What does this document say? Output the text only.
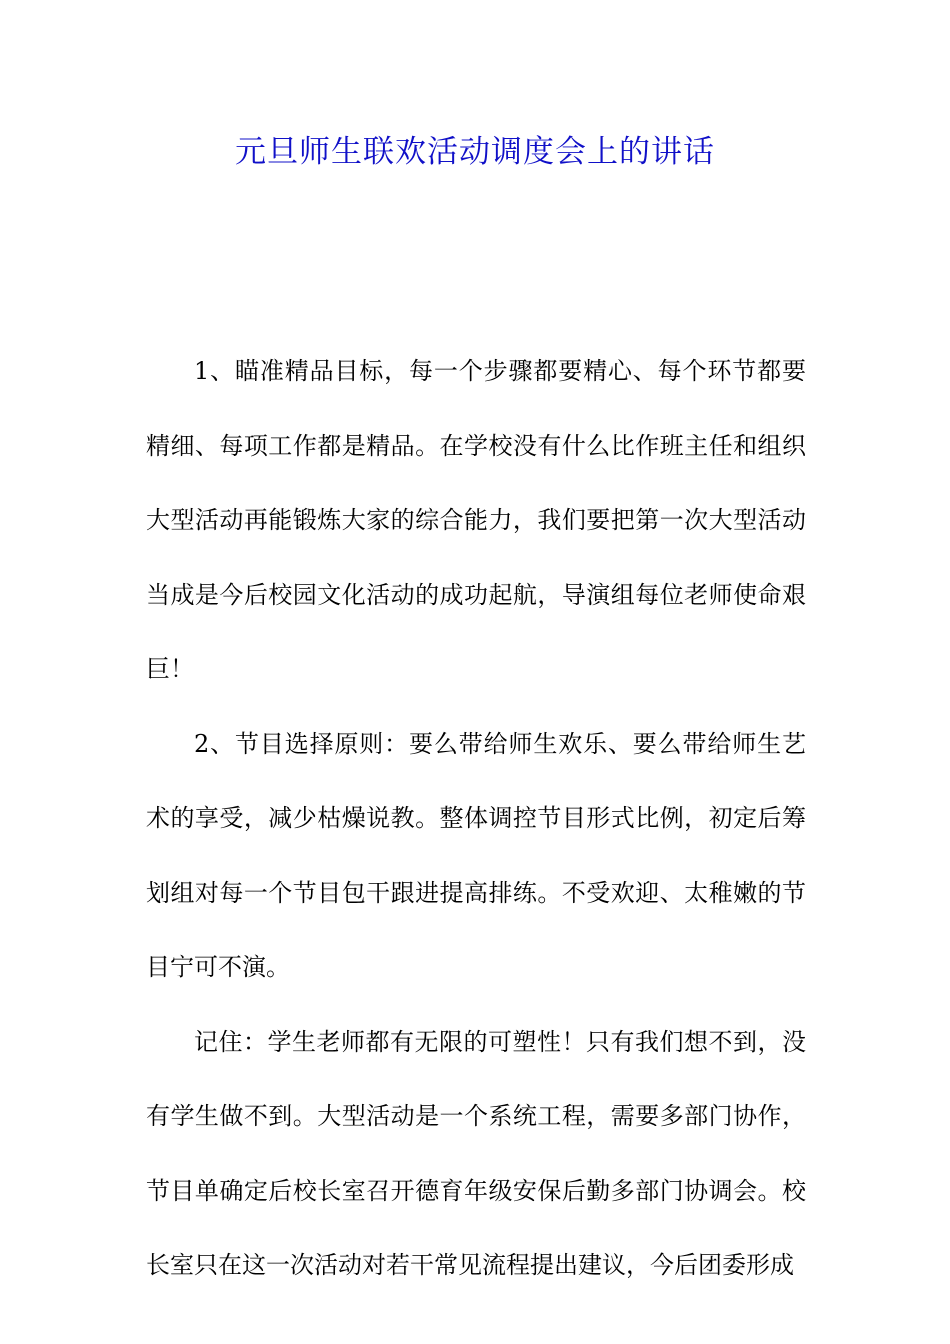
元旦师生联欢活动调度会上的讲话

1、瞄准精品目标，每一个步骤都要精心、每个环节都要精细、每项工作都是精品。在学校没有什么比作班主任和组织大型活动再能锻炼大家的综合能力，我们要把第一次大型活动当成是今后校园文化活动的成功起航，导演组每位老师使命艰巨！

2、节目选择原则：要么带给师生欢乐、要么带给师生艺术的享受，减少枯燥说教。整体调控节目形式比例，初定后筹划组对每一个节目包干跟进提高排练。不受欢迎、太稚嫩的节目宁可不演。

记住：学生老师都有无限的可塑性！只有我们想不到，没有学生做不到。大型活动是一个系统工程，需要多部门协作，节目单确定后校长室召开德育年级安保后勤多部门协调会。校长室只在这一次活动对若干常见流程提出建议，今后团委形成
